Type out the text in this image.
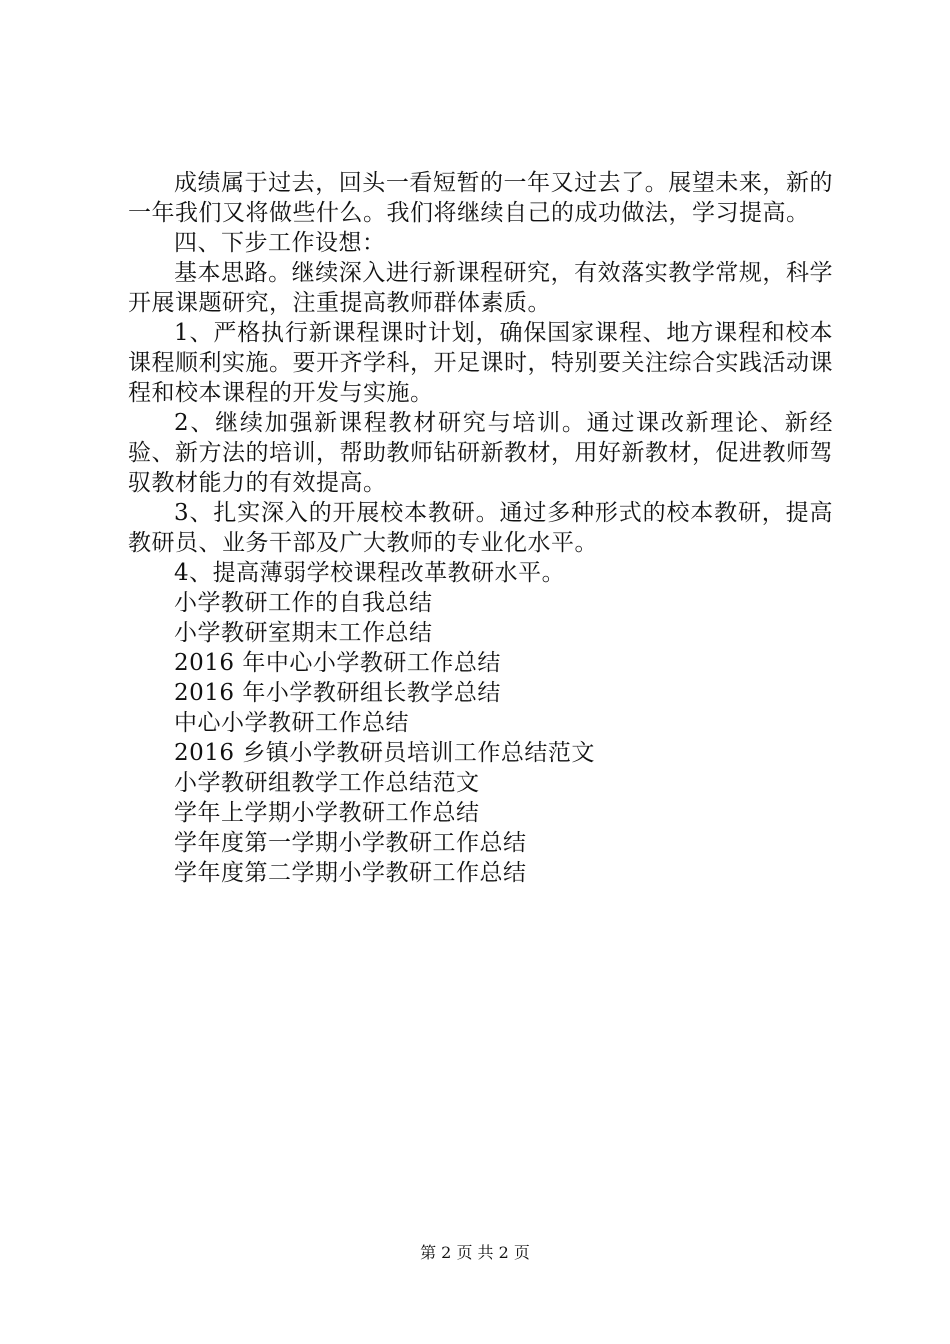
成绩属于过去，回头一看短暂的一年又过去了。展望未来，新的一年我们又将做些什么。我们将继续自己的成功做法，学习提高。

四、下步工作设想：

基本思路。继续深入进行新课程研究，有效落实教学常规，科学开展课题研究，注重提高教师群体素质。

1、严格执行新课程课时计划，确保国家课程、地方课程和校本课程顺利实施。要开齐学科，开足课时，特别要关注综合实践活动课程和校本课程的开发与实施。

2、继续加强新课程教材研究与培训。通过课改新理论、新经验、新方法的培训，帮助教师钻研新教材，用好新教材，促进教师驾驭教材能力的有效提高。

3、扎实深入的开展校本教研。通过多种形式的校本教研，提高教研员、业务干部及广大教师的专业化水平。

4、提高薄弱学校课程改革教研水平。

小学教研工作的自我总结
小学教研室期末工作总结
2016 年中心小学教研工作总结
2016 年小学教研组长教学总结
中心小学教研工作总结
2016 乡镇小学教研员培训工作总结范文
小学教研组教学工作总结范文
学年上学期小学教研工作总结
学年度第一学期小学教研工作总结
学年度第二学期小学教研工作总结
第 2 页 共 2 页
